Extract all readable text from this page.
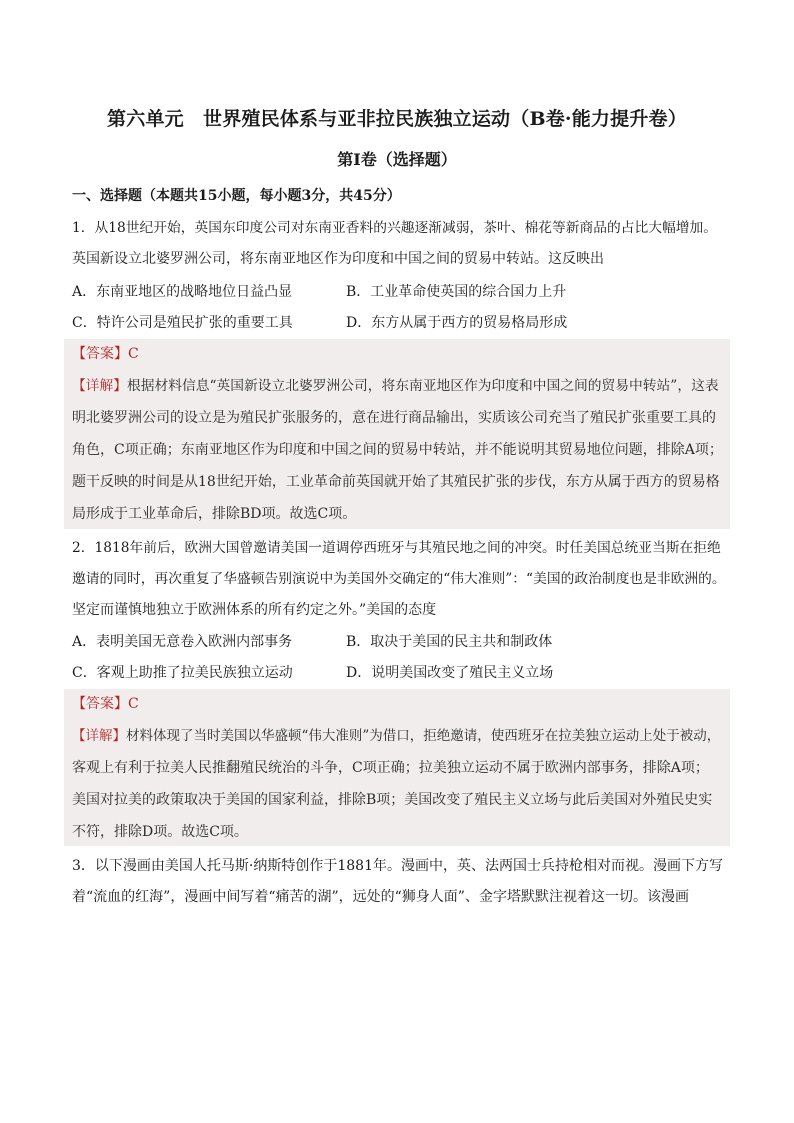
第六单元　世界殖民体系与亚非拉民族独立运动（B卷·能力提升卷）
第Ⅰ卷（选择题）
一、选择题（本题共15小题，每小题3分，共45分）
1．从18世纪开始，英国东印度公司对东南亚香料的兴趣逐渐减弱，茶叶、棉花等新商品的占比大幅增加。
英国新设立北婆罗洲公司，将东南亚地区作为印度和中国之间的贸易中转站。这反映出
A．东南亚地区的战略地位日益凸显	B．工业革命使英国的综合国力上升
C．特许公司是殖民扩张的重要工具	D．东方从属于西方的贸易格局形成
【答案】C
【详解】根据材料信息“英国新设立北婆罗洲公司，将东南亚地区作为印度和中国之间的贸易中转站”，这表
明北婆罗洲公司的设立是为殖民扩张服务的，意在进行商品输出，实质该公司充当了殖民扩张重要工具的
角色，C项正确；东南亚地区作为印度和中国之间的贸易中转站，并不能说明其贸易地位问题，排除A项；
题干反映的时间是从18世纪开始，工业革命前英国就开始了其殖民扩张的步伐，东方从属于西方的贸易格
局形成于工业革命后，排除BD项。故选C项。
2．1818年前后，欧洲大国曾邀请美国一道调停西班牙与其殖民地之间的冲突。时任美国总统亚当斯在拒绝
邀请的同时，再次重复了华盛顿告别演说中为美国外交确定的“伟大准则”：“美国的政治制度也是非欧洲的。
坚定而谨慎地独立于欧洲体系的所有约定之外。”美国的态度
A．表明美国无意卷入欧洲内部事务	B．取决于美国的民主共和制政体
C．客观上助推了拉美民族独立运动	D．说明美国改变了殖民主义立场
【答案】C
【详解】材料体现了当时美国以华盛顿“伟大准则”为借口，拒绝邀请，使西班牙在拉美独立运动上处于被动，
客观上有利于拉美人民推翻殖民统治的斗争，C项正确；拉美独立运动不属于欧洲内部事务，排除A项；
美国对拉美的政策取决于美国的国家利益，排除B项；美国改变了殖民主义立场与此后美国对外殖民史实
不符，排除D项。故选C项。
3．以下漫画由美国人托马斯·纳斯特创作于1881年。漫画中，英、法两国士兵持枪相对而视。漫画下方写
着“流血的红海”，漫画中间写着“痛苦的湖”，远处的“狮身人面”、金字塔默默注视着这一切。该漫画
